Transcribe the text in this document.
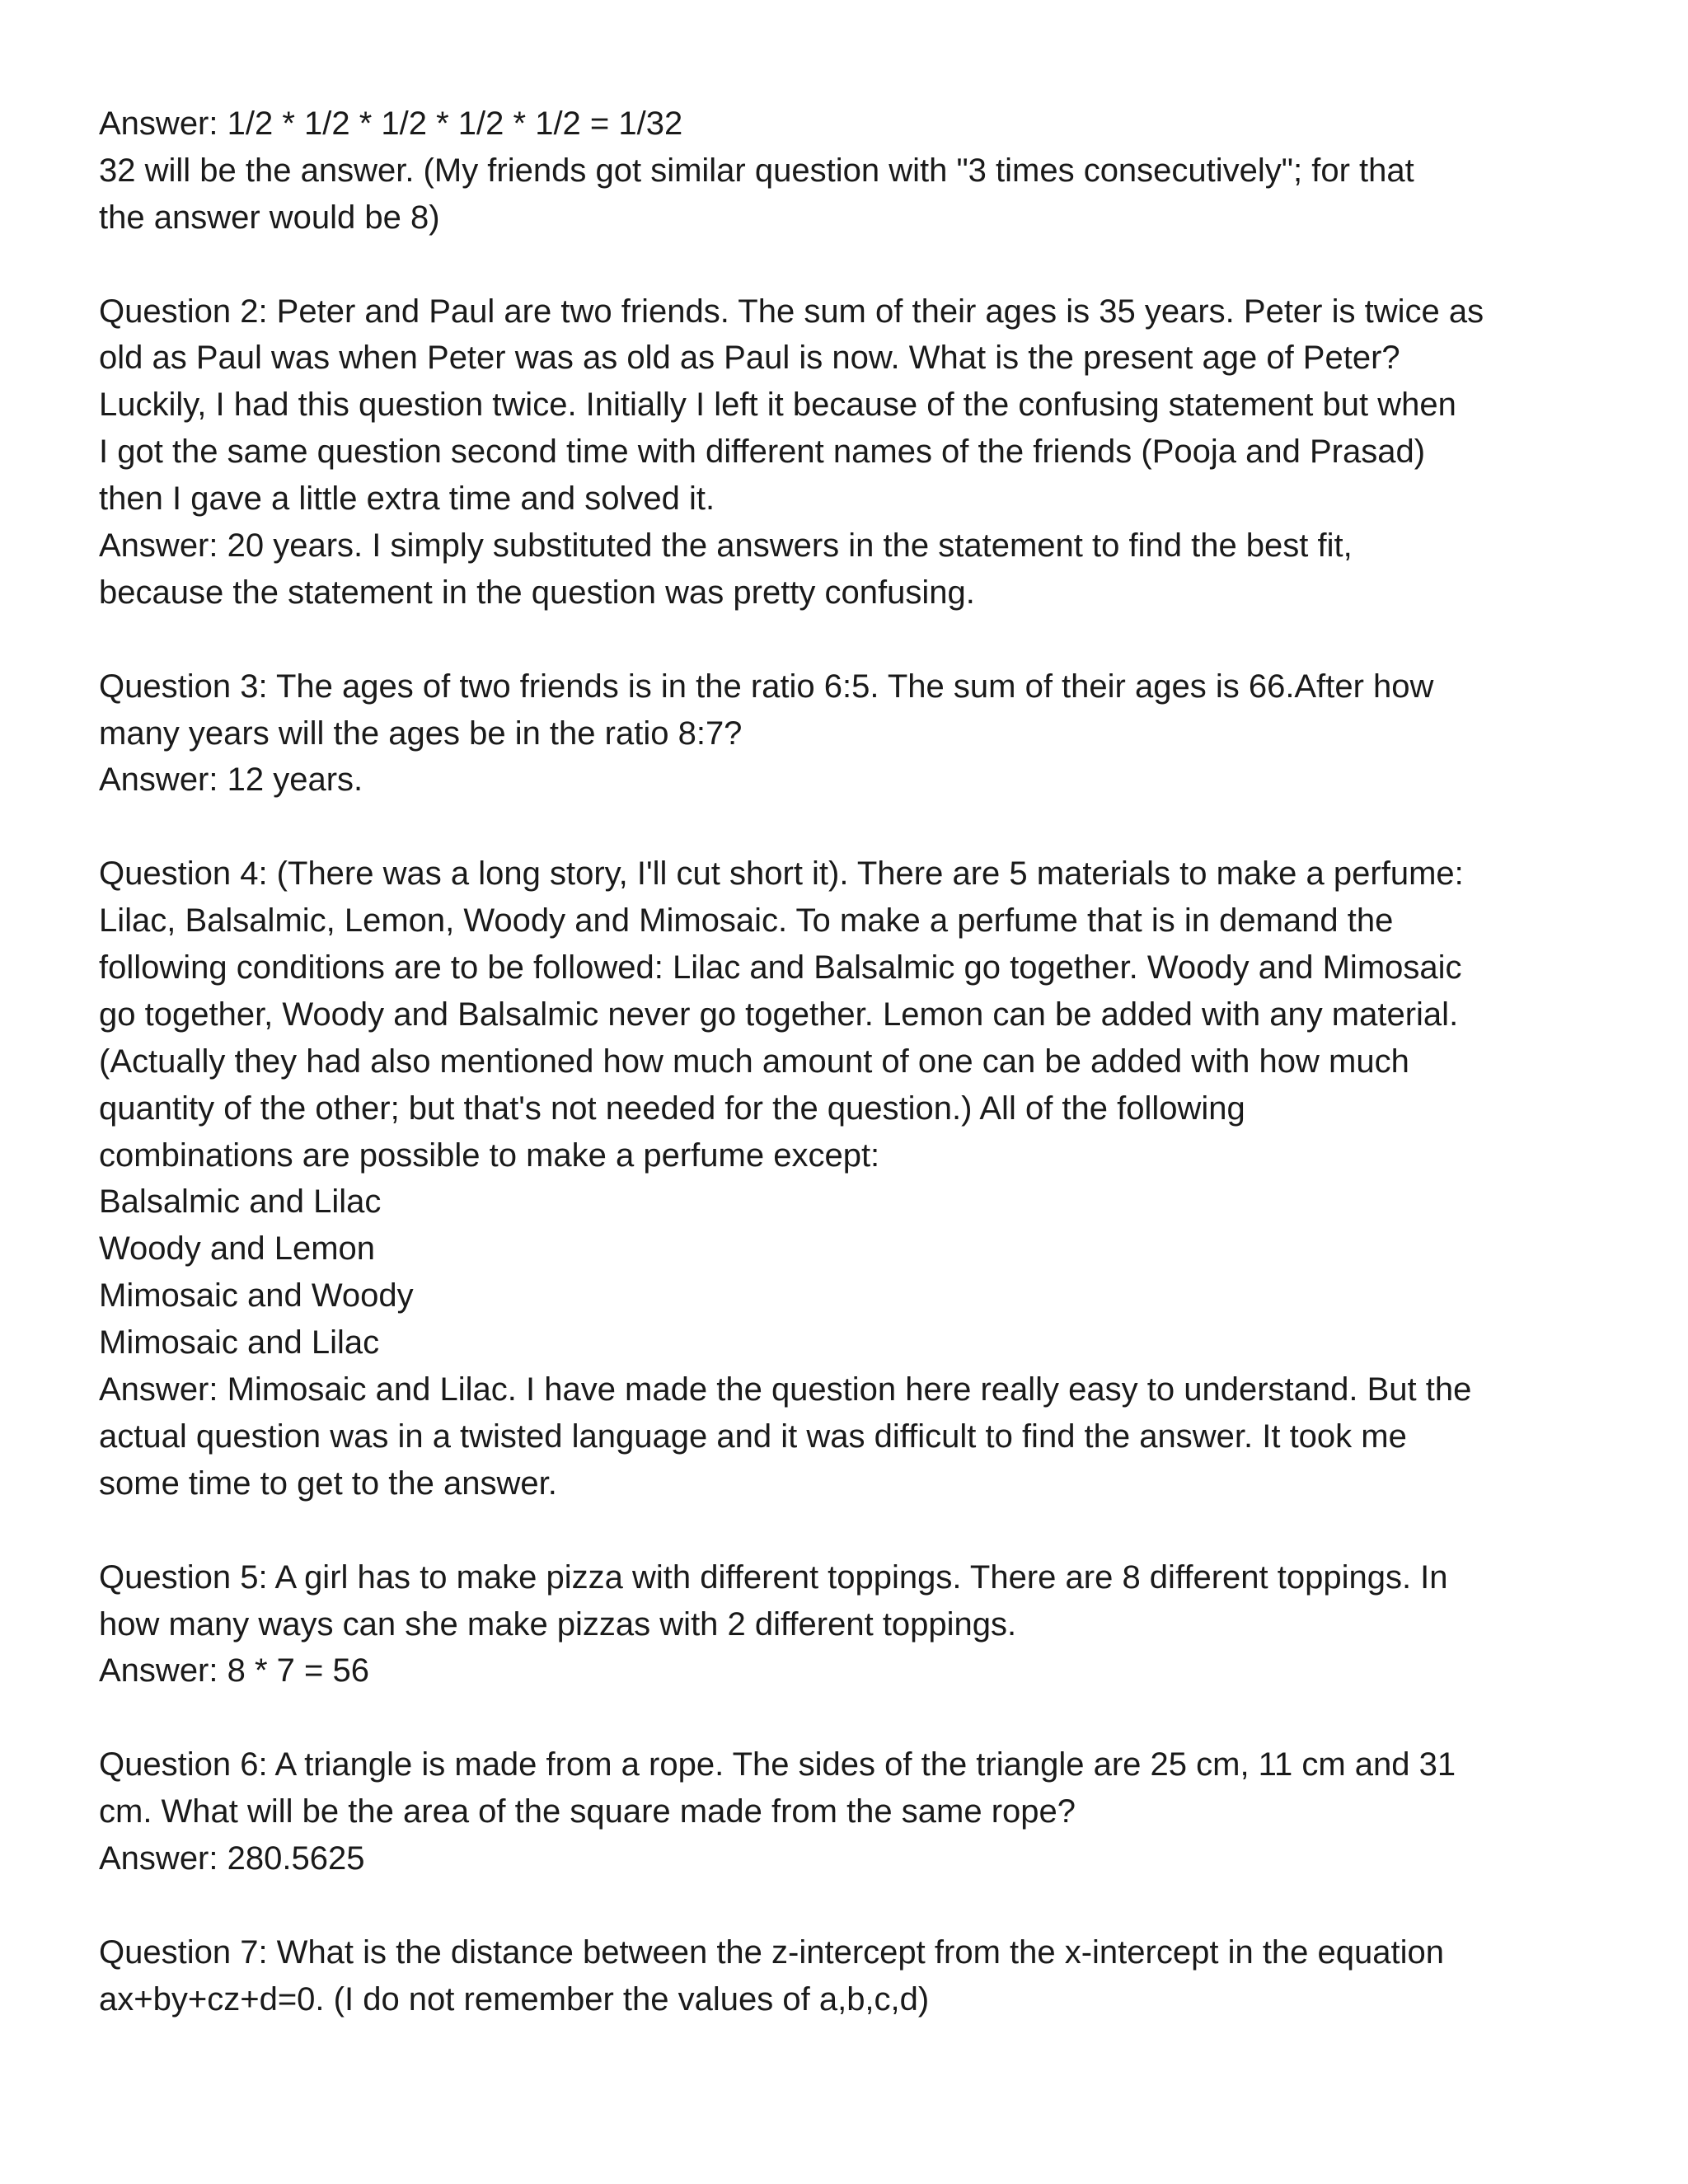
Answer: 1/2 * 1/2 * 1/2 * 1/2 * 1/2 = 1/32
32 will be the answer. (My friends got similar question with "3 times consecutively"; for that
the answer would be 8)
Question 2: Peter and Paul are two friends. The sum of their ages is 35 years. Peter is twice as
old as Paul was when Peter was as old as Paul is now. What is the present age of Peter?
Luckily, I had this question twice. Initially I left it because of the confusing statement but when
I got the same question second time with different names of the friends (Pooja and Prasad)
then I gave a little extra time and solved it.
Answer: 20 years. I simply substituted the answers in the statement to find the best fit,
because the statement in the question was pretty confusing.
Question 3: The ages of two friends is in the ratio 6:5. The sum of their ages is 66.After how
many years will the ages be in the ratio 8:7?
Answer: 12 years.
Question 4: (There was a long story, I'll cut short it). There are 5 materials to make a perfume:
Lilac, Balsalmic, Lemon, Woody and Mimosaic. To make a perfume that is in demand the
following conditions are to be followed: Lilac and Balsalmic go together. Woody and Mimosaic
go together, Woody and Balsalmic never go together. Lemon can be added with any material.
(Actually they had also mentioned how much amount of one can be added with how much
quantity of the other; but that's not needed for the question.) All of the following
combinations are possible to make a perfume except:
Balsalmic and Lilac
Woody and Lemon
Mimosaic and Woody
Mimosaic and Lilac
Answer: Mimosaic and Lilac. I have made the question here really easy to understand. But the
actual question was in a twisted language and it was difficult to find the answer. It took me
some time to get to the answer.
Question 5: A girl has to make pizza with different toppings. There are 8 different toppings. In
how many ways can she make pizzas with 2 different toppings.
Answer: 8 * 7 = 56
Question 6: A triangle is made from a rope. The sides of the triangle are 25 cm, 11 cm and 31
cm. What will be the area of the square made from the same rope?
Answer: 280.5625
Question 7: What is the distance between the z-intercept from the x-intercept in the equation
ax+by+cz+d=0. (I do not remember the values of a,b,c,d)
